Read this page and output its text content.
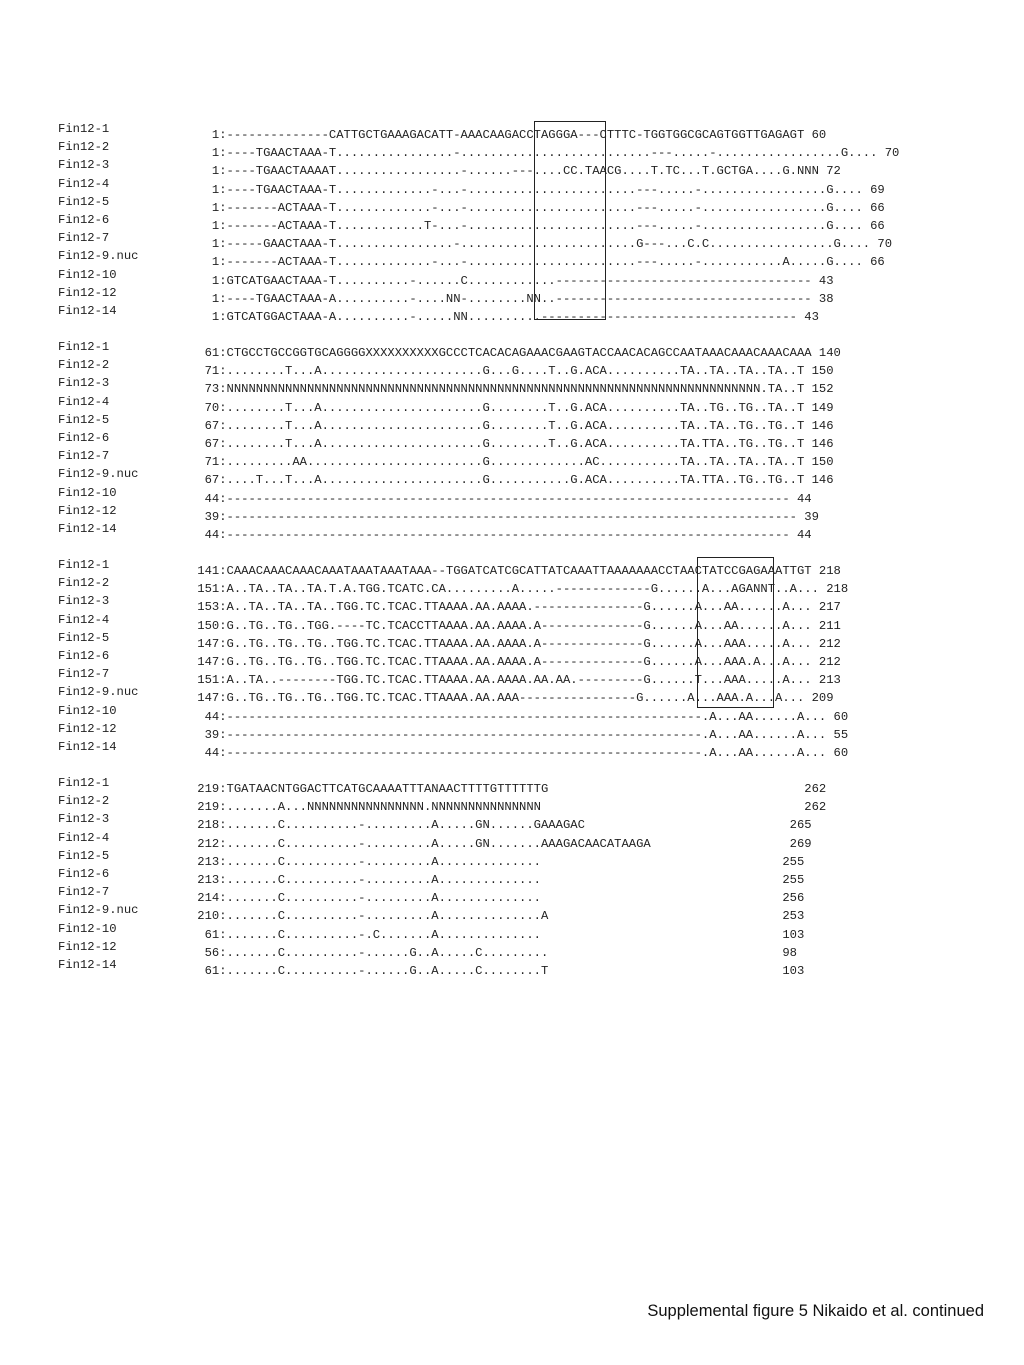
Fin12-1	1:--------------CATTGCTGAAAGACATT-AAACAAGACCTAGGGA---CTTTC-TGGTGGCGCAGTGGTTGAGAGT 60
Fin12-2	1:----TGAACTAAA-T................-..........................---.....-.................G.... 70
Fin12-3	1:----TGAACTAAAAT.................-......---....CC.TAACG....T.TC...T.GCTGA....G.NNN 72
Fin12-4	1:----TGAACTAAA-T.............-...-.......................---.....-.................G.... 69
Fin12-5	1:-------ACTAAA-T.............-...-.......................---.....-.................G.... 66
Fin12-6	1:-------ACTAAA-T............T-...-.......................---.....-.................G.... 66
Fin12-7	1:-----GAACTAAA-T................-........................G---...C.C.................G.... 70
Fin12-9.nuc      1:-------ACTAAA-T.............-...-.......................---.....-...........A.....G.... 66
Fin12-10	1:GTCATGAACTAAA-T..........-......C............----------------------------------- 43
Fin12-12	1:----TGAACTAAA-A..........-....NN-........NN..----------------------------------- 38
Fin12-14	1:GTCATGGACTAAA-A..........-.....NN..........----------------------------------- 43
Fin12-1	61:CTGCCTGCCGGTGCAGGGGXXXXXXXXXXGCCCTCACACAGAAACGAAGTACCAACACAGCCAATAAACAAACAAACAAA 140
Fin12-2	71:........T...A......................G...G....T..G.ACA..........TA..TA..TA..TA..T 150
Fin12-3	73:NNNNNNNNNNNNNNNNNNNNNNNNNNNNNNNNNNNNNNNNNNNNNNNNNNNNNNNNNNNNNNNNNNNNNNNNN.TA..T 152
Fin12-4	70:........T...A......................G........T..G.ACA..........TA..TG..TG..TA..T 149
Fin12-5	67:........T...A......................G........T..G.ACA..........TA..TA..TG..TG..T 146
Fin12-6	67:........T...A......................G........T..G.ACA..........TA.TTA..TG..TG..T 146
Fin12-7	71:.........AA........................G.............AC...........TA..TA..TA..TA..T 150
Fin12-9.nuc     67:....T...T...A......................G...........G.ACA..........TA.TTA..TG..TG..T 146
Fin12-10	44:----------------------------------------------------------------------------- 44
Fin12-12	39:------------------------------------------------------------------------------ 39
Fin12-14	44:----------------------------------------------------------------------------- 44
Fin12-1	141:CAAACAAACAAACAAATAAATAAATAAA--TGGATCATCGCATTATCAAATTAAAAAAACCTAACTATCCGAGAAATTGT 218
Fin12-2	151:A..TA..TA..TA.T.A.TGG.TCATC.CA.........A.....-------------G......A...AGANNT..A... 218
Fin12-3	153:A..TA..TA..TA..TGG.TC.TCAC.TTAAAA.AA.AAAA.---------------G......A...AA......A... 217
Fin12-4	150:G..TG..TG..TGG.----TC.TCACCTTAAAA.AA.AAAA.A--------------G......A...AA......A... 211
Fin12-5	147:G..TG..TG..TG..TGG.TC.TCAC.TTAAAA.AA.AAAA.A--------------G......A...AAA.....A... 212
Fin12-6	147:G..TG..TG..TG..TGG.TC.TCAC.TTAAAA.AA.AAAA.A--------------G......A...AAA.A...A... 212
Fin12-7	151:A..TA..--------TGG.TC.TCAC.TTAAAA.AA.AAAA.AA.AA.---------G......T...AAA.....A... 213
Fin12-9.nuc    147:G..TG..TG..TG..TGG.TC.TCAC.TTAAAA.AA.AAA----------------G......A...AAA.A...A... 209
Fin12-10	44:-----------------------------------------------------------------.A...AA......A... 60
Fin12-12	39:-----------------------------------------------------------------.A...AA......A... 55
Fin12-14	44:-----------------------------------------------------------------.A...AA......A... 60
Fin12-1	219:TGATAACNTGGACTTCATGCAAAATTTANAACTTTTGTTTTTTG                                   262
Fin12-2	219:.......A...NNNNNNNNNNNNNNNN.NNNNNNNNNNNNNNN                                    262
Fin12-3	218:.......C..........-.........A.....GN......GAAAGAC                            265
Fin12-4	212:.......C..........-.........A.....GN.......AAAGACAACATAAGA                   269
Fin12-5	213:.......C..........-.........A..............                                 255
Fin12-6	213:.......C..........-.........A..............                                 255
Fin12-7	214:.......C..........-.........A..............                                 256
Fin12-9.nuc    210:.......C..........-.........A..............A                                253
Fin12-10	61:.......C..........-.C.......A..............                                 103
Fin12-12	56:.......C..........-......G..A.....C.........                                98
Fin12-14	61:.......C..........-......G..A.....C........T                                103
Supplemental figure 5 Nikaido et al. continued
